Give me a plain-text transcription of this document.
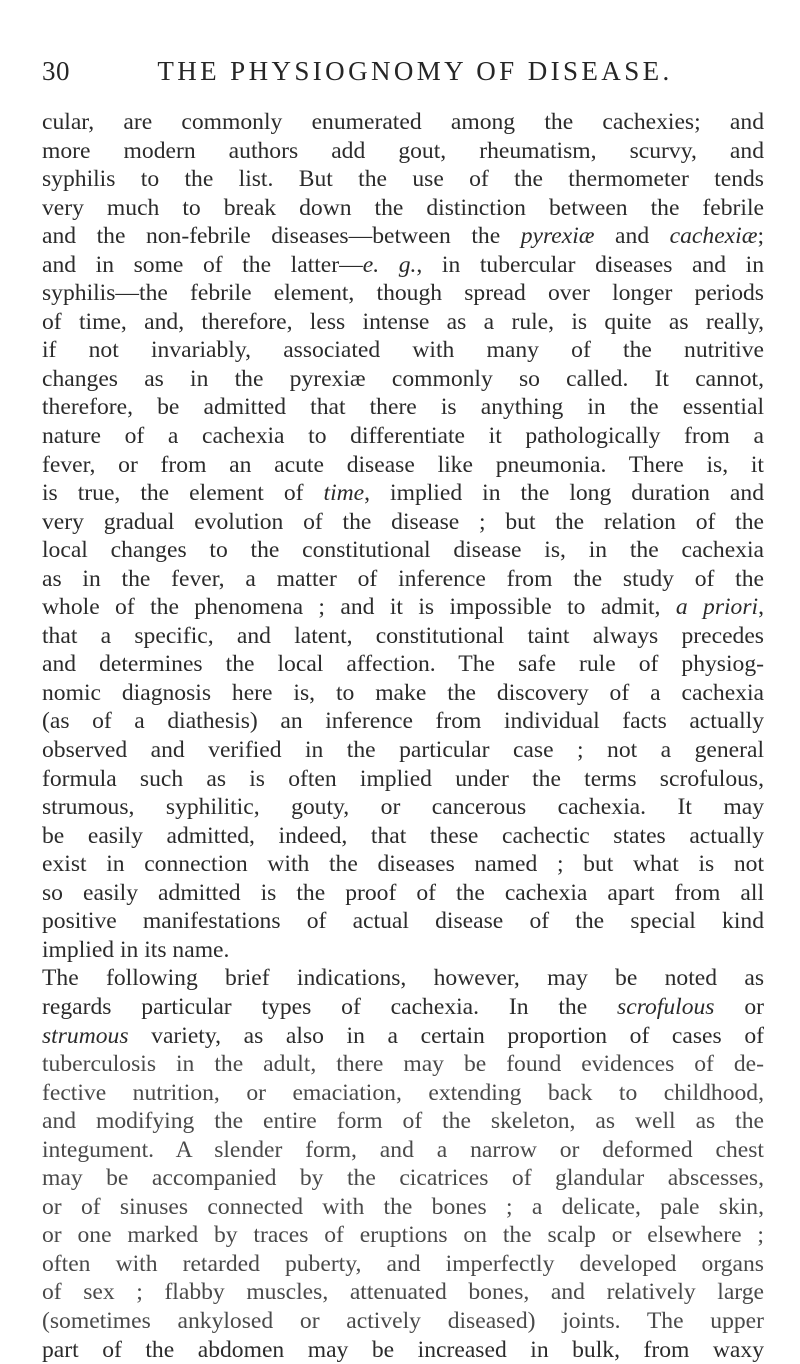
30	THE PHYSIOGNOMY OF DISEASE.
cular, are commonly enumerated among the cachexies; and
more modern authors add gout, rheumatism, scurvy, and
syphilis to the list. But the use of the thermometer tends
very much to break down the distinction between the febrile
and the non-febrile diseases—between the pyrexiæ and cachexiæ;
and in some of the latter—e. g., in tubercular diseases and in
syphilis—the febrile element, though spread over longer periods
of time, and, therefore, less intense as a rule, is quite as really,
if not invariably, associated with many of the nutritive
changes as in the pyrexiæ commonly so called. It cannot,
therefore, be admitted that there is anything in the essential
nature of a cachexia to differentiate it pathologically from a
fever, or from an acute disease like pneumonia. There is, it
is true, the element of time, implied in the long duration and
very gradual evolution of the disease ; but the relation of the
local changes to the constitutional disease is, in the cachexia
as in the fever, a matter of inference from the study of the
whole of the phenomena ; and it is impossible to admit, a priori,
that a specific, and latent, constitutional taint always precedes
and determines the local affection. The safe rule of physiog-
nomic diagnosis here is, to make the discovery of a cachexia
(as of a diathesis) an inference from individual facts actually
observed and verified in the particular case ; not a general
formula such as is often implied under the terms scrofulous,
strumous, syphilitic, gouty, or cancerous cachexia. It may
be easily admitted, indeed, that these cachectic states actually
exist in connection with the diseases named ; but what is not
so easily admitted is the proof of the cachexia apart from all
positive manifestations of actual disease of the special kind
implied in its name.
The following brief indications, however, may be noted as
regards particular types of cachexia. In the scrofulous or
strumous variety, as also in a certain proportion of cases of
tuberculosis in the adult, there may be found evidences of de-
fective nutrition, or emaciation, extending back to childhood,
and modifying the entire form of the skeleton, as well as the
integument. A slender form, and a narrow or deformed chest
may be accompanied by the cicatrices of glandular abscesses,
or of sinuses connected with the bones ; a delicate, pale skin,
or one marked by traces of eruptions on the scalp or elsewhere ;
often with retarded puberty, and imperfectly developed organs
of sex ; flabby muscles, attenuated bones, and relatively large
(sometimes ankylosed or actively diseased) joints. The upper
part of the abdomen may be increased in bulk, from waxy
